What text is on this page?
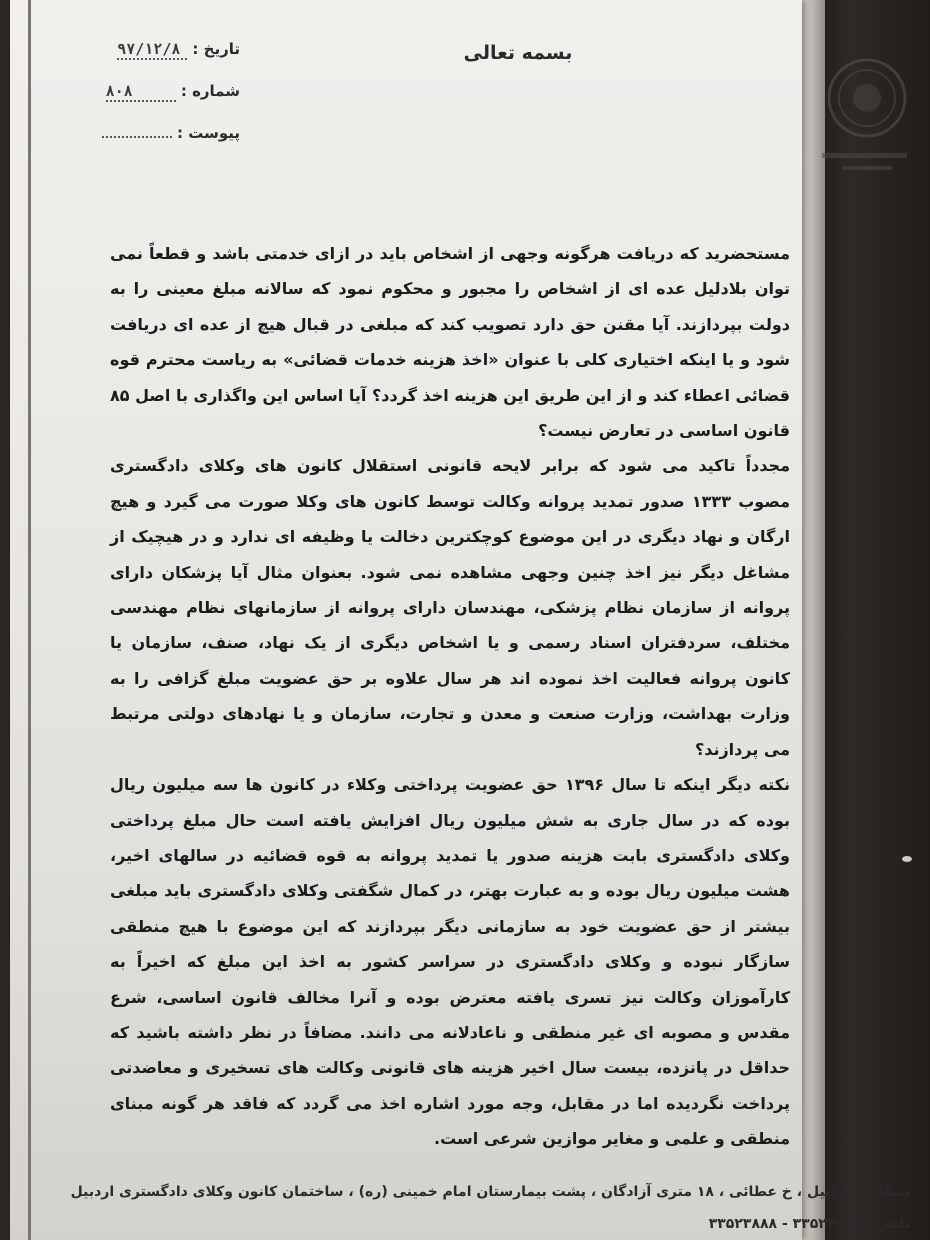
بسمه تعالی
تاریخ : ۹۷/۱۲/۸
شماره : ۸۰۸
پیوست :

مستحضرید که دریافت هرگونه وجهی از اشخاص باید در ازای خدمتی باشد و قطعاً نمی توان بلادلیل عده ای از اشخاص را مجبور و محکوم نمود که سالانه مبلغ معینی را به دولت بپردازند. آیا مقنن حق دارد تصویب کند که مبلغی در قبال هیچ از عده ای دریافت شود و یا اینکه اختیاری کلی با عنوان «اخذ هزینه خدمات قضائی» به ریاست محترم قوه قضائی اعطاء کند و از این طریق این هزینه اخذ گردد؟ آیا اساس این واگذاری با اصل ۸۵ قانون اساسی در تعارض نیست؟

مجدداً تاکید می شود که برابر لایحه قانونی استقلال کانون های وکلای دادگستری مصوب ۱۳۳۳ صدور تمدید پروانه وکالت توسط کانون های وکلا صورت می گیرد و هیچ ارگان و نهاد دیگری در این موضوع کوچکترین دخالت یا وظیفه ای ندارد و در هیچیک از مشاغل دیگر نیز اخذ چنین وجهی مشاهده نمی شود. بعنوان مثال آیا پزشکان دارای پروانه از سازمان نظام پزشکی، مهندسان دارای پروانه از سازمانهای نظام مهندسی مختلف، سردفتران اسناد رسمی و یا اشخاص دیگری از یک نهاد، صنف، سازمان یا کانون پروانه فعالیت اخذ نموده اند هر سال علاوه بر حق عضویت مبلغ گزافی را به وزارت بهداشت، وزارت صنعت و معدن و تجارت، سازمان و یا نهادهای دولتی مرتبط می پردازند؟

نکته دیگر اینکه تا سال ۱۳۹۶ حق عضویت پرداختی وکلاء در کانون ها سه میلیون ریال بوده که در سال جاری به شش میلیون ریال افزایش یافته است حال مبلغ پرداختی وکلای دادگستری بابت هزینه صدور یا تمدید پروانه به قوه قضائیه در سالهای اخیر، هشت میلیون ریال بوده و به عبارت بهتر، در کمال شگفتی وکلای دادگستری باید مبلغی بیشتر از حق عضویت خود به سازمانی دیگر بپردازند که این موضوع با هیچ منطقی سازگار نبوده و وکلای دادگستری در سراسر کشور به اخذ این مبلغ که اخیراً به کارآموزان وکالت نیز تسری یافته معترض بوده و آنرا مخالف قانون اساسی، شرع مقدس و مصوبه ای غیر منطقی و ناعادلانه می دانند. مضافاً در نظر داشته باشید که حداقل در پانزده، بیست سال اخیر هزینه های قانونی وکالت های تسخیری و معاضدتی پرداخت نگردیده اما در مقابل، وجه مورد اشاره اخذ می گردد که فاقد هر گونه مبنای منطقی و علمی و مغایر موازین شرعی است.

نشانی : اردبیل ، خ عطائی ، ۱۸ متری آزادگان ، پشت بیمارستان امام خمینی (ره) ، ساختمان کانون وکلای دادگستری اردبیل
تلفن : ۳۳۵۲۴۹۹۹ - ۳۳۵۲۳۸۸۸
